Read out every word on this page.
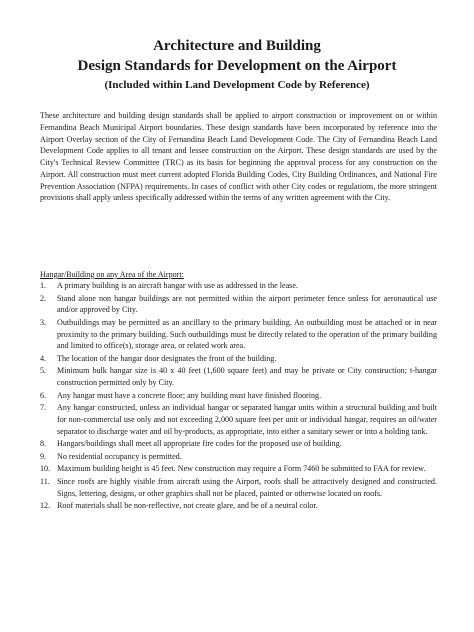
Architecture and Building
Design Standards for Development on the Airport
(Included within Land Development Code by Reference)

These architecture and building design standards shall be applied to airport construction or improvement on or within Fernandina Beach Municipal Airport boundaries. These design standards have been incorporated by reference into the Airport Overlay section of the City of Fernandina Beach Land Development Code. The City of Fernandina Beach Land Development Code applies to all tenant and lessee construction on the Airport. These design standards are used by the City's Technical Review Committee (TRC) as its basis for beginning the approval process for any construction on the Airport. All construction must meet current adopted Florida Building Codes, City Building Ordinances, and National Fire Prevention Association (NFPA) requirements. In cases of conflict with other City codes or regulations, the more stringent provisions shall apply unless specifically addressed within the terms of any written agreement with the City.

Hangar/Building on any Area of the Airport:

1. A primary building is an aircraft hangar with use as addressed in the lease.
2. Stand alone non hangar buildings are not permitted within the airport perimeter fence unless for aeronautical use and/or approved by City.
3. Outbuildings may be permitted as an ancillary to the primary building. An outbuilding must be attached or in near proximity to the primary building. Such outbuildings must be directly related to the operation of the primary building and limited to office(s), storage area, or related work area.
4. The location of the hangar door designates the front of the building.
5. Minimum bulk hangar size is 40 x 40 feet (1,600 square feet) and may be private or City construction; t-hangar construction permitted only by City.
6. Any hangar must have a concrete floor; any building must have finished flooring.
7. Any hangar constructed, unless an individual hangar or separated hangar units within a structural building and built for non-commercial use only and not exceeding 2,000 square feet per unit or individual hangar, requires an oil/water separator to discharge water and oil by-products, as appropriate, into either a sanitary sewer or into a holding tank.
8. Hangars/buildings shall meet all appropriate fire codes for the proposed use of building.
9. No residential occupancy is permitted.
10. Maximum building height is 45 feet. New construction may require a Form 7460 be submitted to FAA for review.
11. Since roofs are highly visible from aircraft using the Airport, roofs shall be attractively designed and constructed. Signs, lettering, designs, or other graphics shall not be placed, painted or otherwise located on roofs.
12. Roof materials shall be non-reflective, not create glare, and be of a neutral color.
